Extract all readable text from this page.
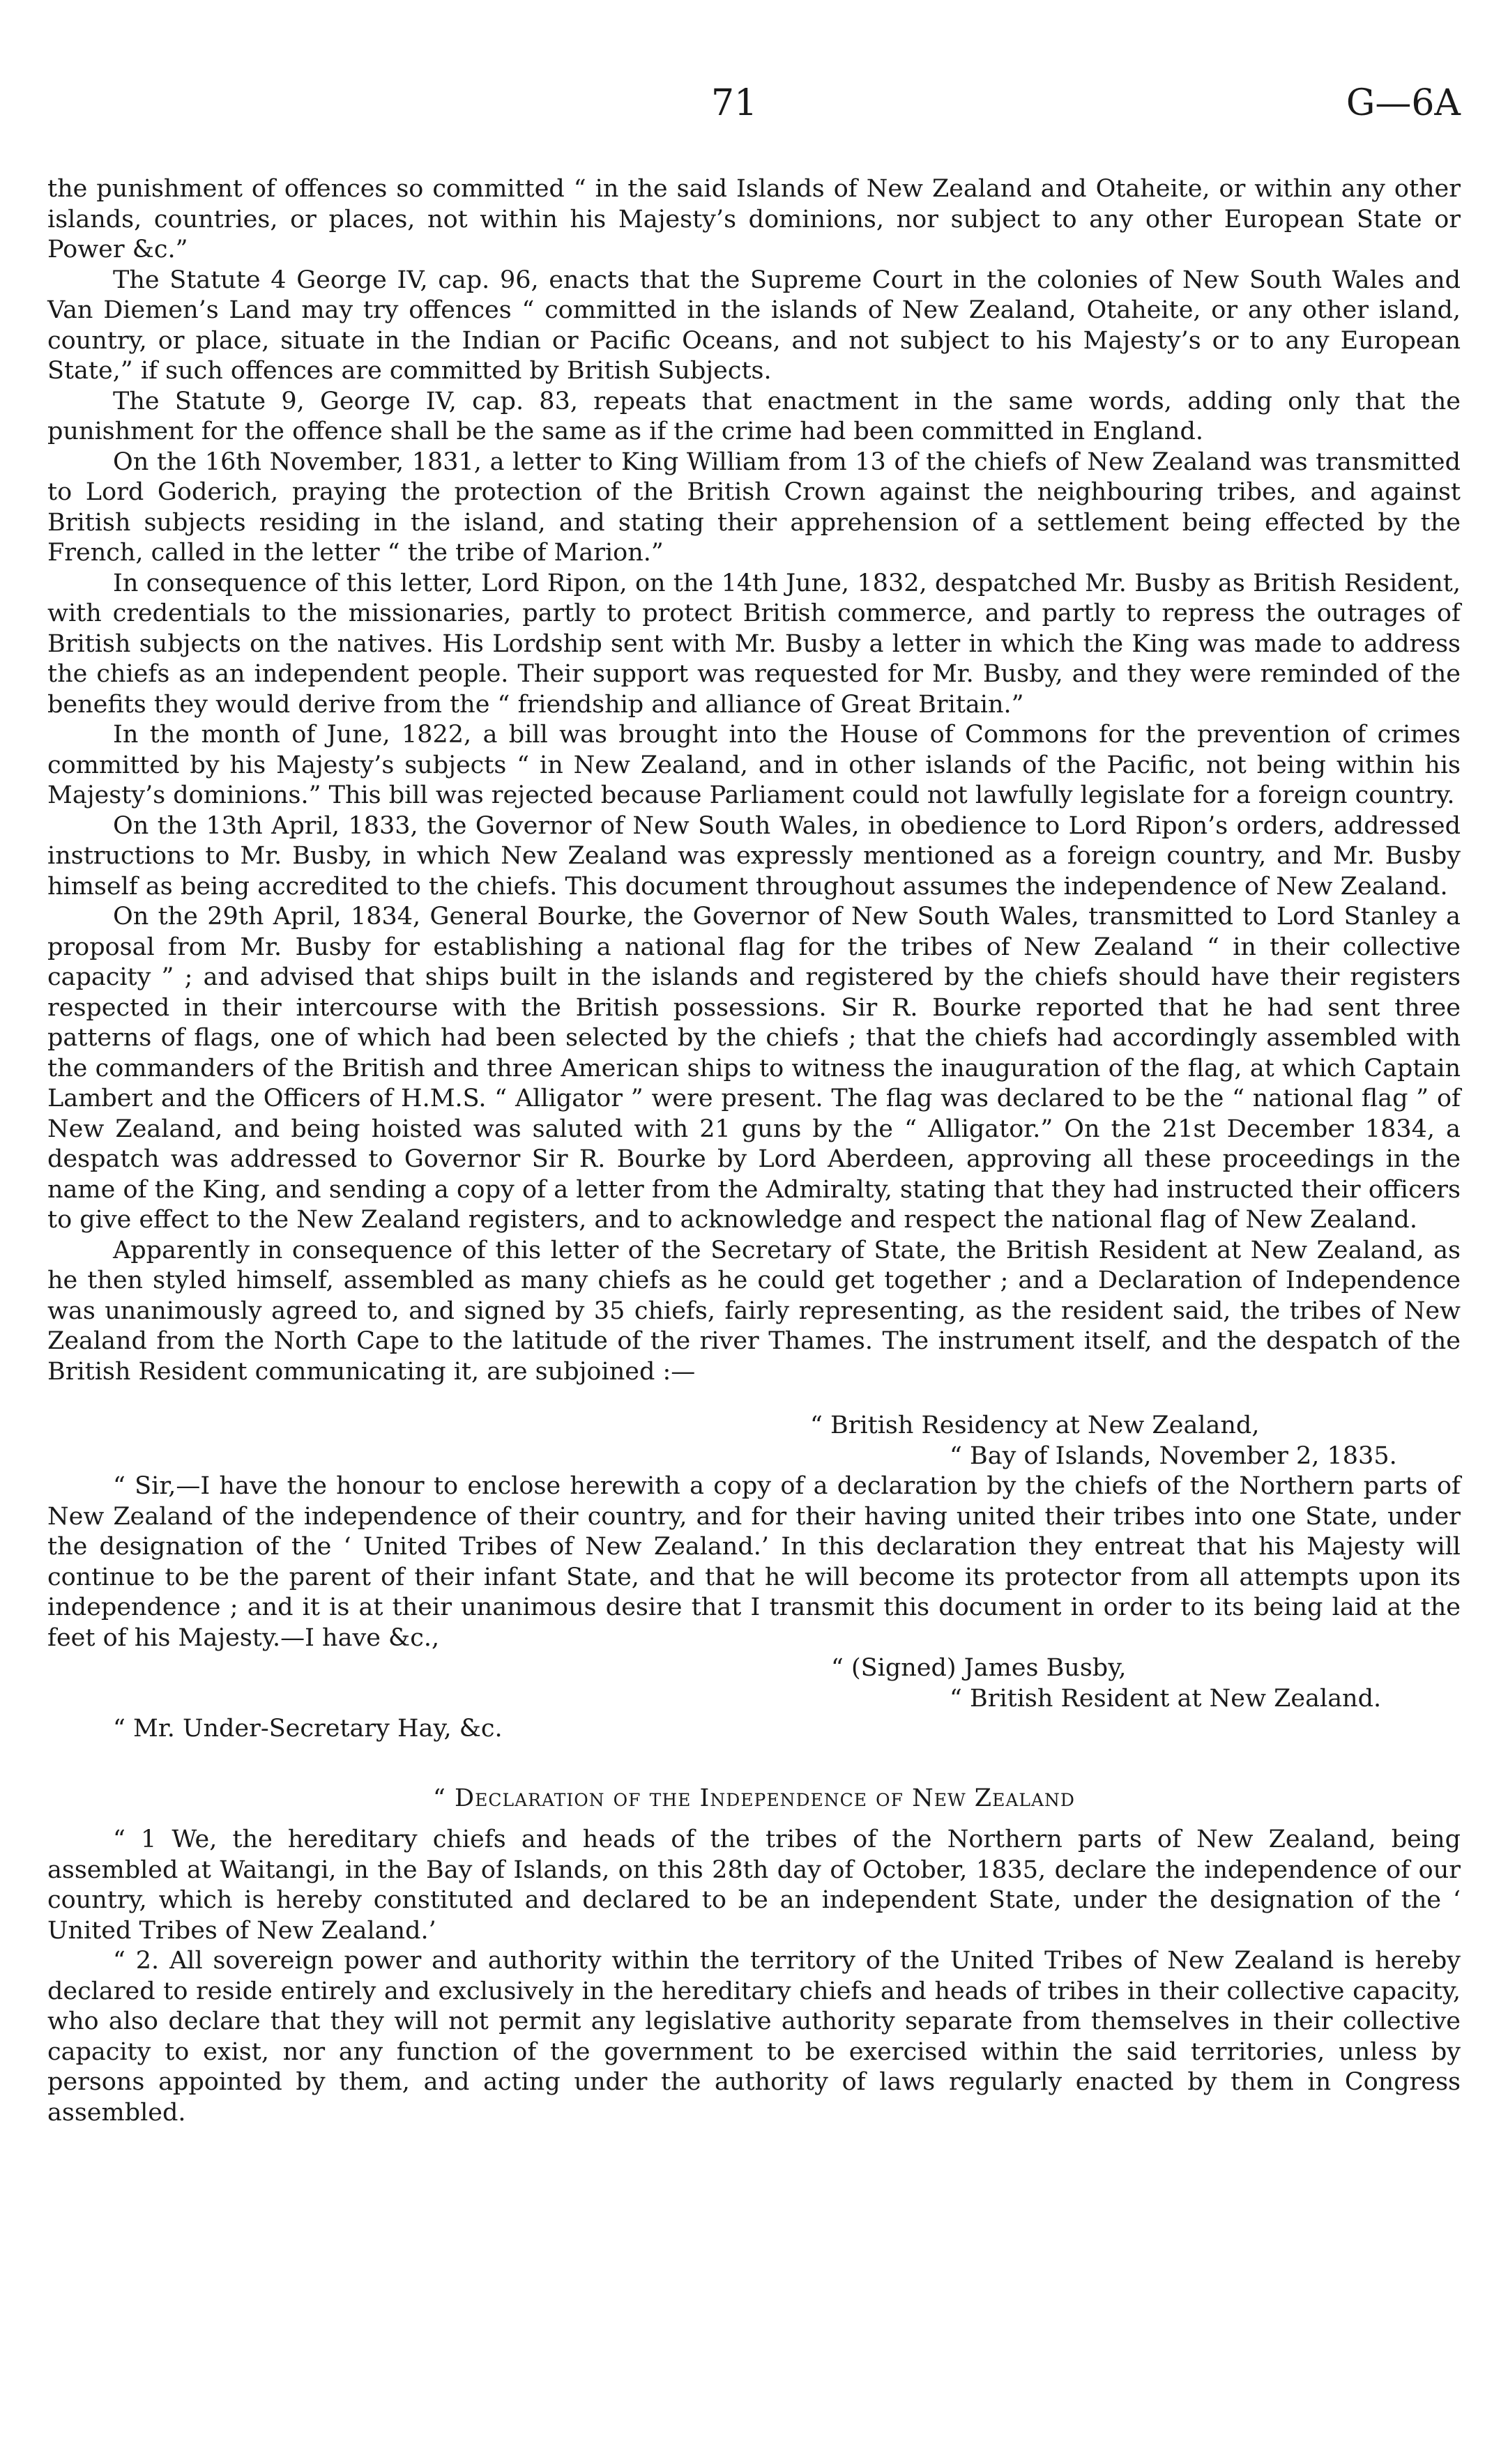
71	G—6A

the punishment of offences so committed “ in the said Islands of New Zealand and Otaheite, or within any other islands, countries, or places, not within his Majesty’s dominions, nor subject to any other European State or Power &c.”

The Statute 4 George IV, cap. 96, enacts that the Supreme Court in the colonies of New South Wales and Van Diemen’s Land may try offences “ committed in the islands of New Zealand, Otaheite, or any other island, country, or place, situate in the Indian or Pacific Oceans, and not subject to his Majesty’s or to any European State,” if such offences are committed by British Subjects.

The Statute 9, George IV, cap. 83, repeats that enactment in the same words, adding only that the punishment for the offence shall be the same as if the crime had been committed in England.

On the 16th November, 1831, a letter to King William from 13 of the chiefs of New Zealand was transmitted to Lord Goderich, praying the protection of the British Crown against the neighbouring tribes, and against British subjects residing in the island, and stating their apprehension of a settlement being effected by the French, called in the letter “ the tribe of Marion.”

In consequence of this letter, Lord Ripon, on the 14th June, 1832, despatched Mr. Busby as British Resident, with credentials to the missionaries, partly to protect British commerce, and partly to repress the outrages of British subjects on the natives. His Lordship sent with Mr. Busby a letter in which the King was made to address the chiefs as an independent people. Their support was requested for Mr. Busby, and they were reminded of the benefits they would derive from the “ friendship and alliance of Great Britain.”

In the month of June, 1822, a bill was brought into the House of Commons for the prevention of crimes committed by his Majesty’s subjects “ in New Zealand, and in other islands of the Pacific, not being within his Majesty’s dominions.” This bill was rejected because Parliament could not lawfully legislate for a foreign country.

On the 13th April, 1833, the Governor of New South Wales, in obedience to Lord Ripon’s orders, addressed instructions to Mr. Busby, in which New Zealand was expressly mentioned as a foreign country, and Mr. Busby himself as being accredited to the chiefs. This document throughout assumes the independence of New Zealand.

On the 29th April, 1834, General Bourke, the Governor of New South Wales, transmitted to Lord Stanley a proposal from Mr. Busby for establishing a national flag for the tribes of New Zealand “ in their collective capacity ” ; and advised that ships built in the islands and registered by the chiefs should have their registers respected in their intercourse with the British possessions. Sir R. Bourke reported that he had sent three patterns of flags, one of which had been selected by the chiefs ; that the chiefs had accordingly assembled with the commanders of the British and three American ships to witness the inauguration of the flag, at which Captain Lambert and the Officers of H.M.S. “ Alligator ” were present. The flag was declared to be the “ national flag ” of New Zealand, and being hoisted was saluted with 21 guns by the “ Alligator.” On the 21st December 1834, a despatch was addressed to Governor Sir R. Bourke by Lord Aberdeen, approving all these proceedings in the name of the King, and sending a copy of a letter from the Admiralty, stating that they had instructed their officers to give effect to the New Zealand registers, and to acknowledge and respect the national flag of New Zealand.

Apparently in consequence of this letter of the Secretary of State, the British Resident at New Zealand, as he then styled himself, assembled as many chiefs as he could get together ; and a Declaration of Independence was unanimously agreed to, and signed by 35 chiefs, fairly representing, as the resident said, the tribes of New Zealand from the North Cape to the latitude of the river Thames. The instrument itself, and the despatch of the British Resident communicating it, are subjoined :—

“ British Residency at New Zealand,

“ Bay of Islands, November 2, 1835.

“ Sir,—I have the honour to enclose herewith a copy of a declaration by the chiefs of the Northern parts of New Zealand of the independence of their country, and for their having united their tribes into one State, under the designation of the ‘ United Tribes of New Zealand.’ In this declaration they entreat that his Majesty will continue to be the parent of their infant State, and that he will become its protector from all attempts upon its independence ; and it is at their unanimous desire that I transmit this document in order to its being laid at the feet of his Majesty.—I have &c.,

“ (Signed) James Busby,

“ British Resident at New Zealand.

“ Mr. Under-Secretary Hay, &c.

“ Declaration of the Independence of New Zealand

“ 1 We, the hereditary chiefs and heads of the tribes of the Northern parts of New Zealand, being assembled at Waitangi, in the Bay of Islands, on this 28th day of October, 1835, declare the independence of our country, which is hereby constituted and declared to be an independent State, under the designation of the ‘ United Tribes of New Zealand.’

“ 2. All sovereign power and authority within the territory of the United Tribes of New Zealand is hereby declared to reside entirely and exclusively in the hereditary chiefs and heads of tribes in their collective capacity, who also declare that they will not permit any legislative authority separate from themselves in their collective capacity to exist, nor any function of the government to be exercised within the said territories, unless by persons appointed by them, and acting under the authority of laws regularly enacted by them in Congress assembled.
